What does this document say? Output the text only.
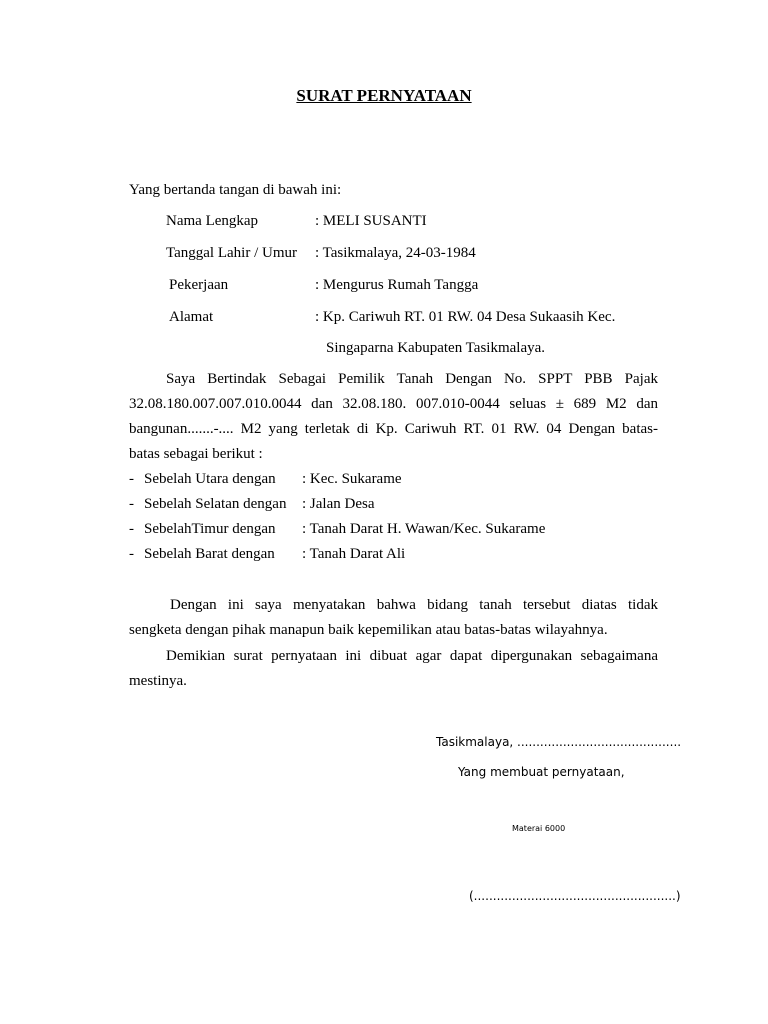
SURAT PERNYATAAN
Yang bertanda tangan di bawah ini:
Nama Lengkap	: MELI SUSANTI
Tanggal Lahir / Umur : Tasikmalaya, 24-03-1984
Pekerjaan	: Mengurus Rumah Tangga
Alamat	: Kp. Cariwuh RT. 01 RW. 04 Desa Sukaasih Kec.
Singaparna Kabupaten Tasikmalaya.
Saya Bertindak Sebagai Pemilik Tanah Dengan No. SPPT PBB Pajak
32.08.180.007.007.010.0044 dan 32.08.180. 007.010-0044 seluas ± 689 M2 dan
bangunan.......-.... M2 yang terletak di Kp. Cariwuh RT. 01 RW. 04 Dengan batas-
batas sebagai berikut :
- Sebelah Utara dengan : Kec. Sukarame
- Sebelah Selatan dengan : Jalan Desa
- SebelahTimur dengan : Tanah Darat H. Wawan/Kec. Sukarame
- Sebelah Barat dengan : Tanah Darat Ali
Dengan ini saya menyatakan bahwa bidang tanah tersebut diatas tidak
sengketa dengan pihak manapun baik kepemilikan atau batas-batas wilayahnya.
Demikian surat pernyataan ini dibuat agar dapat dipergunakan sebagaimana
mestinya.
Tasikmalaya, ...........................................
Yang membuat pernyataan,
Materai 6000
(.....................................................)
